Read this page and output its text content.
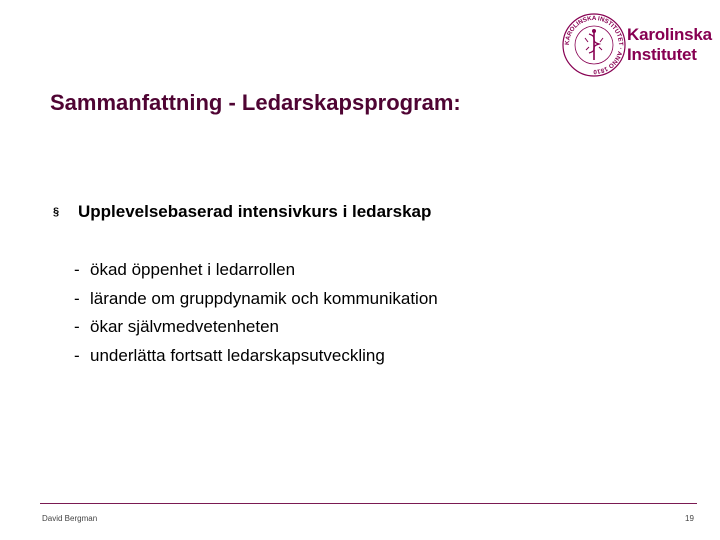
KAROLINSKA INSTITUTET · ANNO 1810
Karolinska
Institutet
Sammanfattning - Ledarskapsprogram:
§	Upplevelsebaserad intensivkurs i ledarskap
- ökad öppenhet i ledarrollen
- lärande om gruppdynamik och kommunikation
- ökar självmedvetenheten
- underlätta fortsatt ledarskapsutveckling
David Bergman	19
